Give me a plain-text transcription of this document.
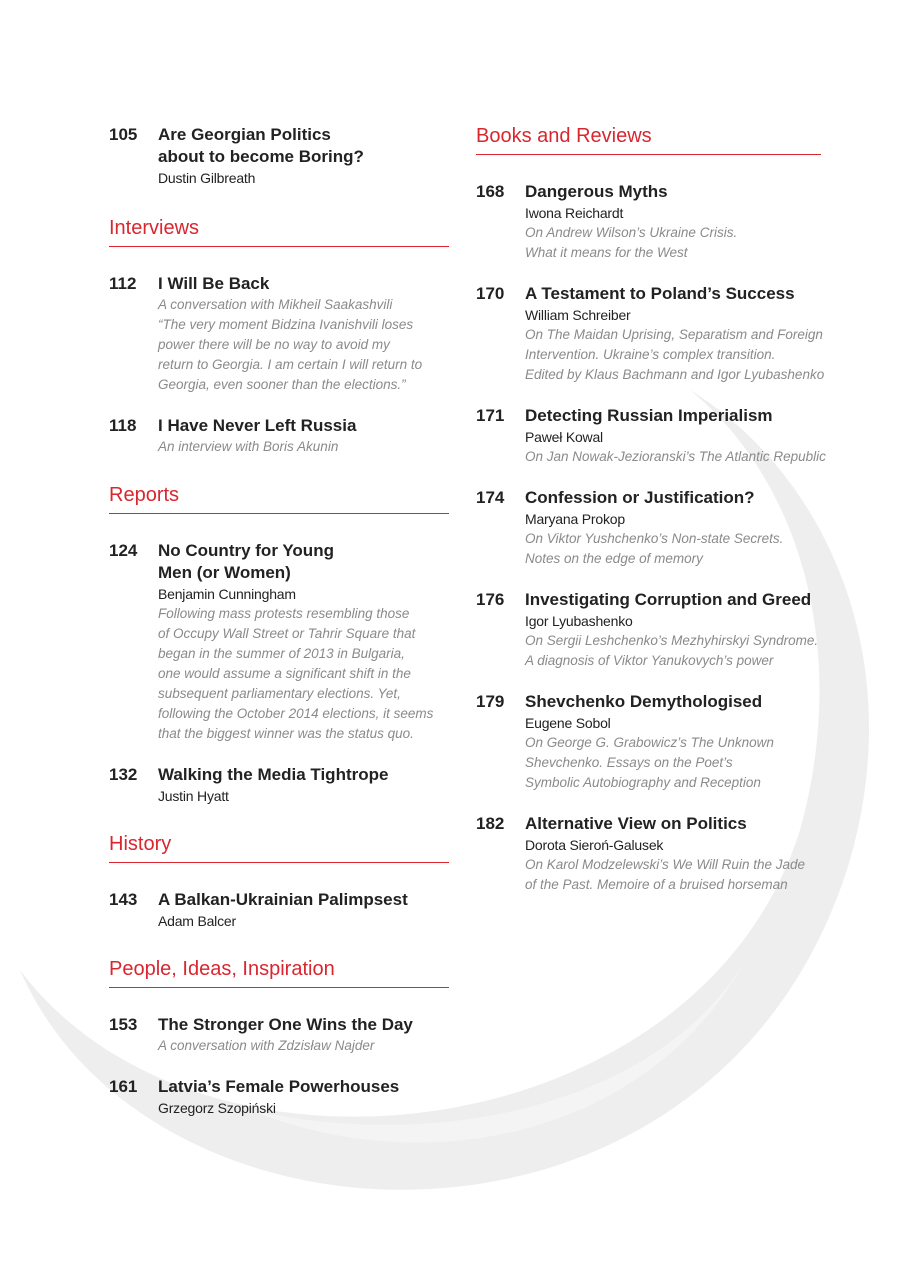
105	Are Georgian Politics
about to become Boring?
Dustin Gilbreath
Interviews
112	I Will Be Back
A conversation with Mikheil Saakashvili
“The very moment Bidzina Ivanishvili loses
power there will be no way to avoid my
return to Georgia. I am certain I will return to
Georgia, even sooner than the elections.”
118	I Have Never Left Russia
An interview with Boris Akunin
Reports
124	No Country for Young
Men (or Women)
Benjamin Cunningham
Following mass protests resembling those
of Occupy Wall Street or Tahrir Square that
began in the summer of 2013 in Bulgaria,
one would assume a significant shift in the
subsequent parliamentary elections. Yet,
following the October 2014 elections, it seems
that the biggest winner was the status quo.
132	Walking the Media Tightrope
Justin Hyatt
History
143	A Balkan-Ukrainian Palimpsest
Adam Balcer
People, Ideas, Inspiration
153	The Stronger One Wins the Day
A conversation with Zdzisław Najder
161	Latvia’s Female Powerhouses
Grzegorz Szopiński
Books and Reviews
168	Dangerous Myths
Iwona Reichardt
On Andrew Wilson’s Ukraine Crisis.
What it means for the West
170	A Testament to Poland’s Success
William Schreiber
On The Maidan Uprising, Separatism and Foreign
Intervention. Ukraine’s complex transition.
Edited by Klaus Bachmann and Igor Lyubashenko
171	Detecting Russian Imperialism
Paweł Kowal
On Jan Nowak-Jezioranski’s The Atlantic Republic
174	Confession or Justification?
Maryana Prokop
On Viktor Yushchenko’s Non-state Secrets.
Notes on the edge of memory
176	Investigating Corruption and Greed
Igor Lyubashenko
On Sergii Leshchenko’s Mezhyhirskyi Syndrome.
A diagnosis of Viktor Yanukovych’s power
179	Shevchenko Demythologised
Eugene Sobol
On George G. Grabowicz’s The Unknown
Shevchenko. Essays on the Poet’s
Symbolic Autobiography and Reception
182	Alternative View on Politics
Dorota Sieroń-Galusek
On Karol Modzelewski’s We Will Ruin the Jade
of the Past. Memoire of a bruised horseman
